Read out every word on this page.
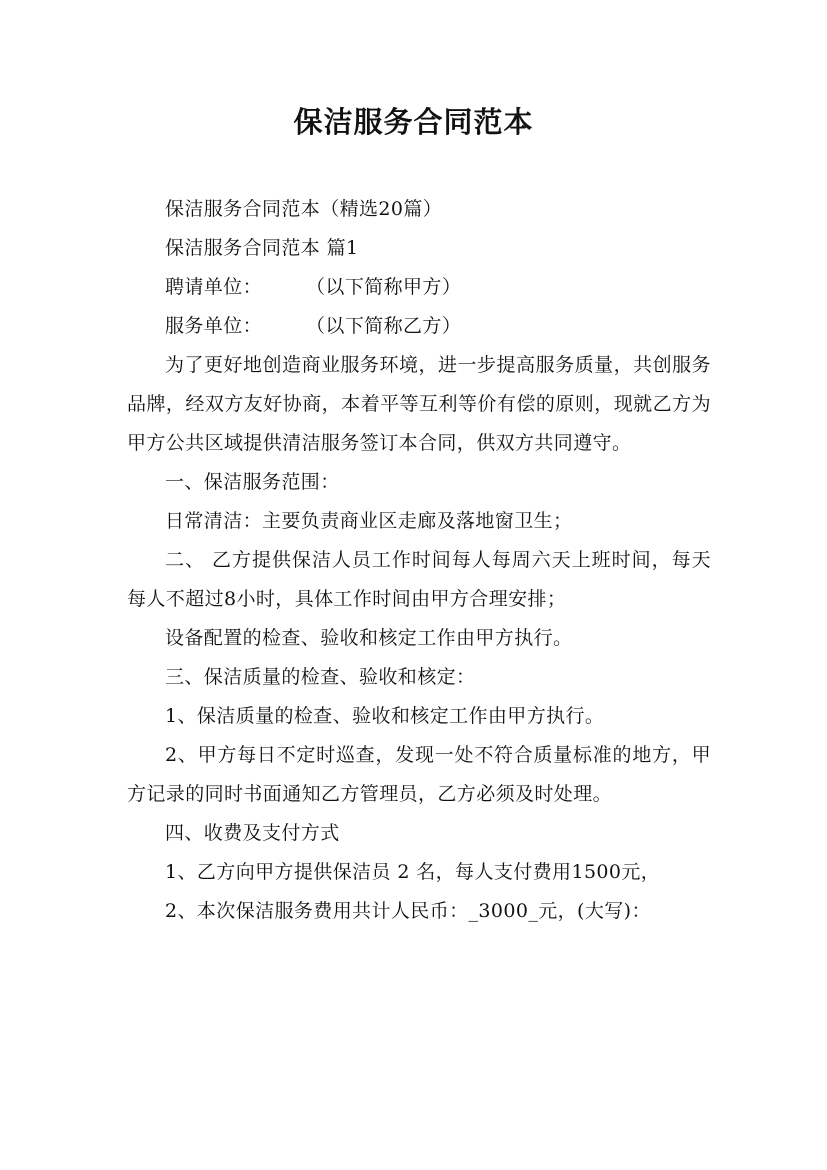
保洁服务合同范本

保洁服务合同范本（精选20篇）

保洁服务合同范本 篇1

聘请单位： （以下简称甲方）

服务单位： （以下简称乙方）

为了更好地创造商业服务环境，进一步提高服务质量，共创服务品牌，经双方友好协商，本着平等互利等价有偿的原则，现就乙方为甲方公共区域提供清洁服务签订本合同，供双方共同遵守。

一、保洁服务范围：

日常清洁：主要负责商业区走廊及落地窗卫生；

二、 乙方提供保洁人员工作时间每人每周六天上班时间，每天每人不超过8小时，具体工作时间由甲方合理安排；

设备配置的检查、验收和核定工作由甲方执行。

三、保洁质量的检查、验收和核定：

1、保洁质量的检查、验收和核定工作由甲方执行。

2、甲方每日不定时巡查，发现一处不符合质量标准的地方，甲方记录的同时书面通知乙方管理员，乙方必须及时处理。

四、收费及支付方式

1、乙方向甲方提供保洁员 2 名，每人支付费用1500元，

2、本次保洁服务费用共计人民币：_3000_元，(大写)：
